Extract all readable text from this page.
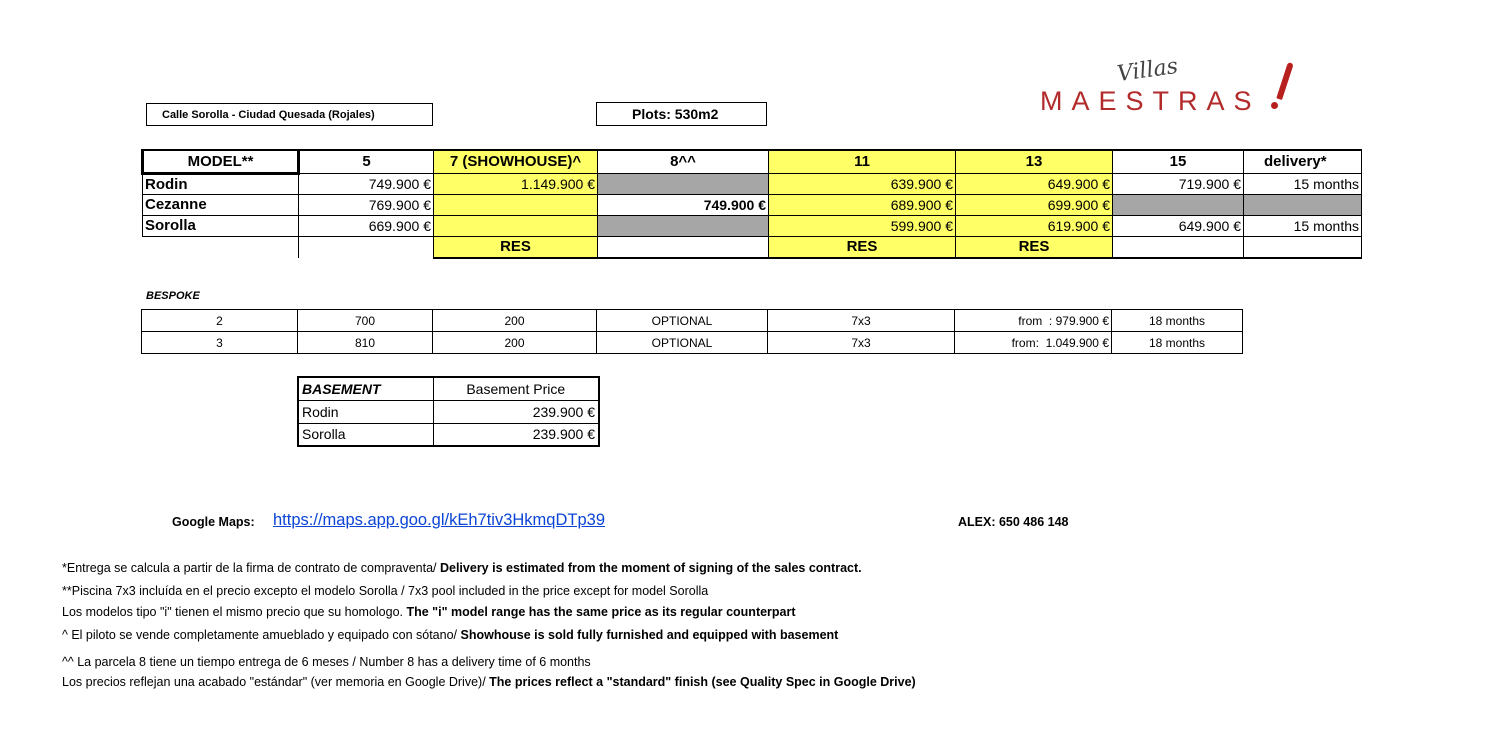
Calle Sorolla - Ciudad Quesada (Rojales)	Plots: 530m2
Villas
MAESTRAS
MODEL**	5	7 (SHOWHOUSE)^	8^^	11	13	15	delivery*
Rodin	749.900 €	1.149.900 €		639.900 €	649.900 €	719.900 €	15 months
Cezanne	769.900 €		749.900 €	689.900 €	699.900 €		
Sorolla	669.900 €			599.900 €	619.900 €	649.900 €	15 months
		RES		RES	RES		
BESPOKE
2	700	200	OPTIONAL	7x3	from  : 979.900 €	18 months
3	810	200	OPTIONAL	7x3	from:  1.049.900 €	18 months
BASEMENT	Basement Price
Rodin	239.900 €
Sorolla	239.900 €
Google Maps: https://maps.app.goo.gl/kEh7tiv3HkmqDTp39	ALEX: 650 486 148
*Entrega se calcula a partir de la firma de contrato de compraventa/ Delivery is estimated from the moment of signing of the sales contract.
**Piscina 7x3 incluída en el precio excepto el modelo Sorolla / 7x3 pool included in the price except for model Sorolla
Los modelos tipo "i" tienen el mismo precio que su homologo. The "i" model range has the same price as its regular counterpart
^ El piloto se vende completamente amueblado y equipado con sótano/ Showhouse is sold fully furnished and equipped with basement
^^ La parcela 8 tiene un tiempo entrega de 6 meses / Number 8 has a delivery time of 6 months
Los precios reflejan una acabado "estándar" (ver memoria en Google Drive)/ The prices reflect a "standard" finish (see Quality Spec in Google Drive)
